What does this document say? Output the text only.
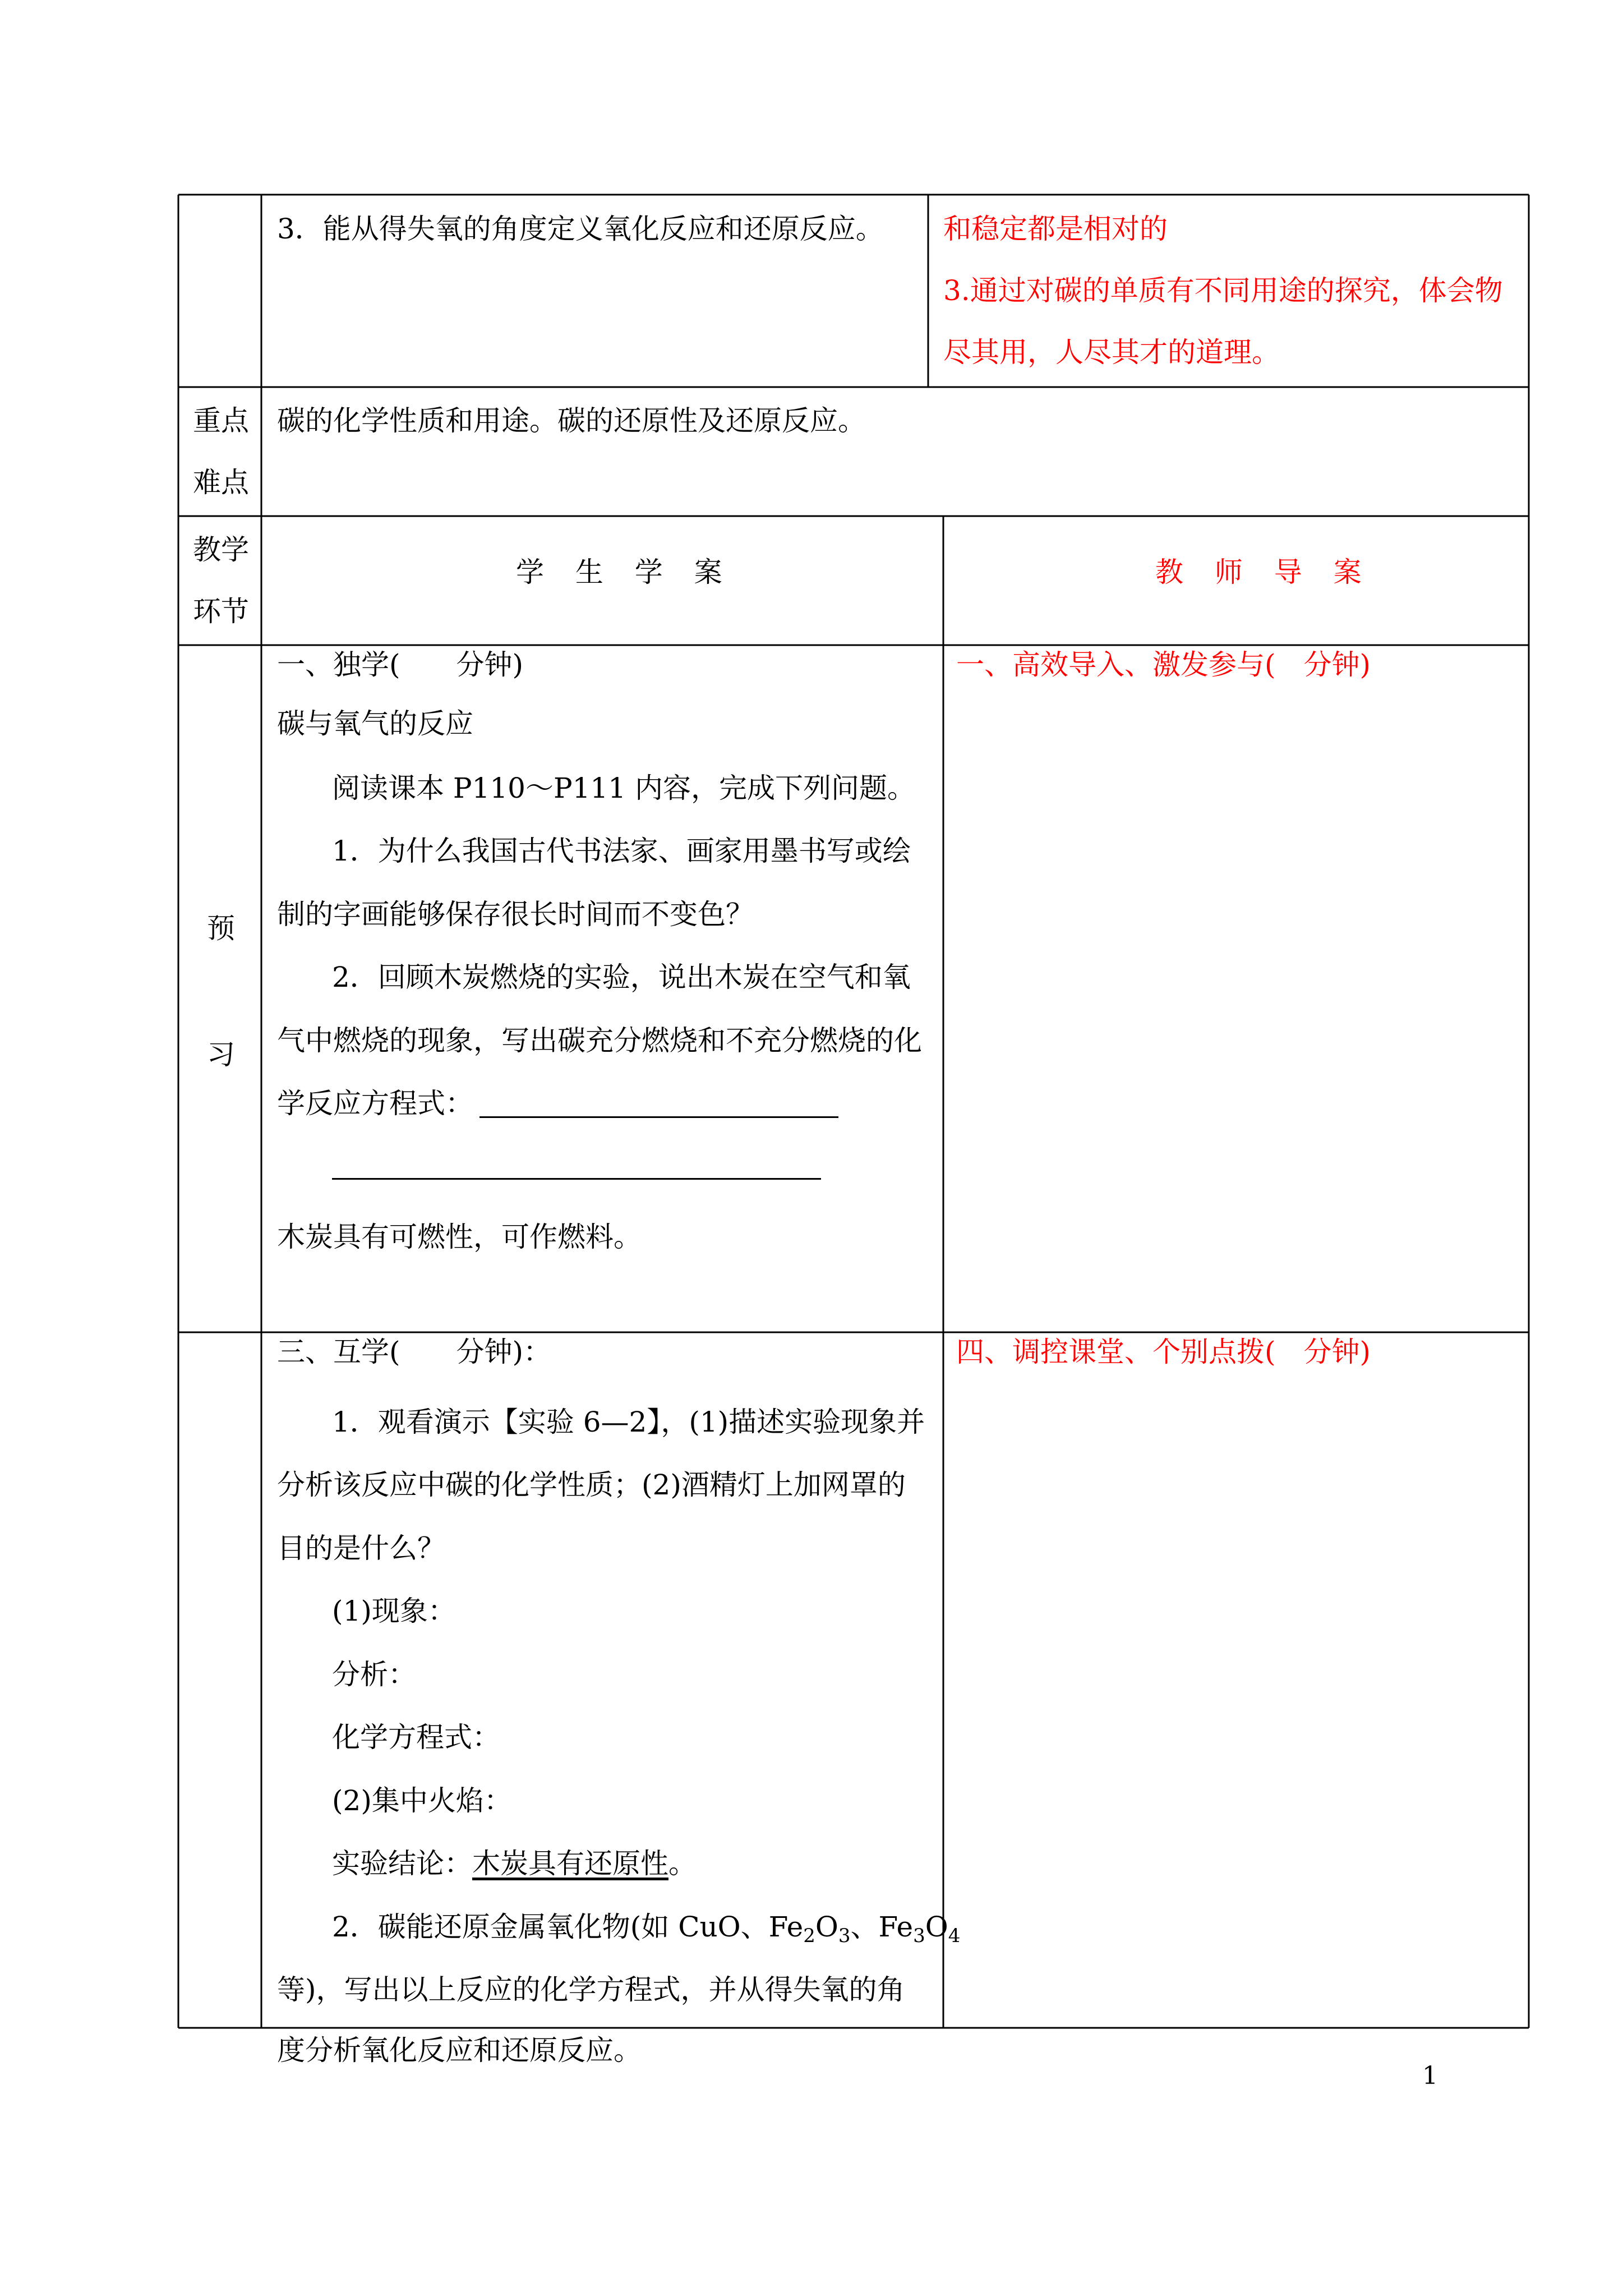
3．能从得失氧的角度定义氧化反应和还原反应。 和稳定都是相对的
3.通过对碳的单质有不同用途的探究，体会物
尽其用，人尽其才的道理。
重点
难点
碳的化学性质和用途。碳的还原性及还原反应。
教学
环节
学 生 学 案	教 师 导 案
预
习
一、独学(　　分钟)
碳与氧气的反应
阅读课本 P110～P111 内容，完成下列问题。
1．为什么我国古代书法家、画家用墨书写或绘
制的字画能够保存很长时间而不变色？
2．回顾木炭燃烧的实验，说出木炭在空气和氧
气中燃烧的现象，写出碳充分燃烧和不充分燃烧的化
学反应方程式：
木炭具有可燃性，可作燃料。
一、高效导入、激发参与(　分钟)
三、互学(　　分钟)：
1．观看演示【实验 6—2】，(1)描述实验现象并
分析该反应中碳的化学性质；(2)酒精灯上加网罩的
目的是什么？
(1)现象：
分析：
化学方程式：
(2)集中火焰：
实验结论：木炭具有还原性。
2．碳能还原金属氧化物(如 CuO、$Fe_2O_3$、$Fe_3O_4$
等)，写出以上反应的化学方程式，并从得失氧的角
度分析氧化反应和还原反应。
四、调控课堂、个别点拨(　分钟)
1
